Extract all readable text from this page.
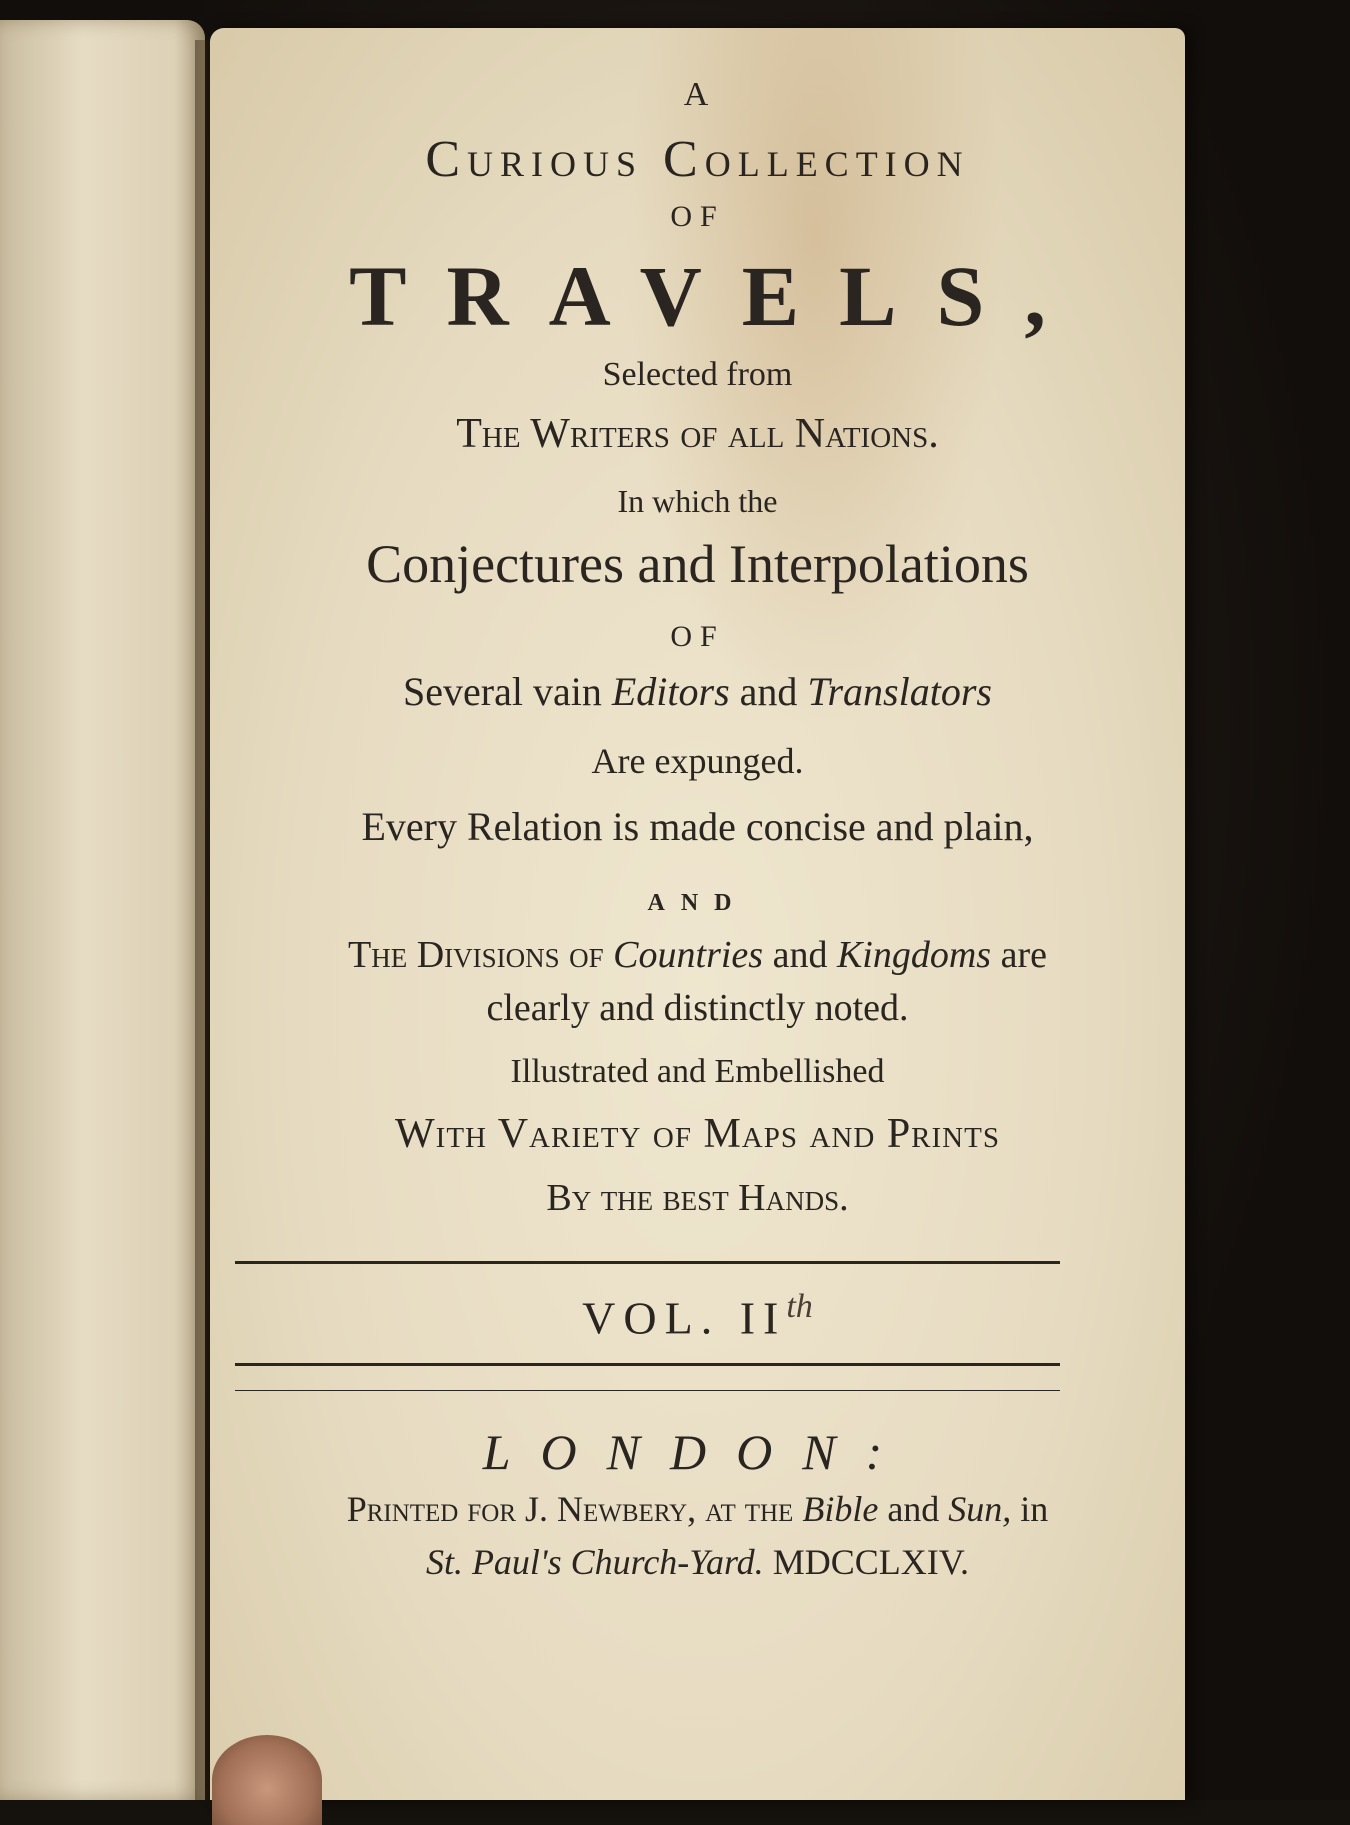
A
Curious Collection
OF
TRAVELS,
Selected from
The Writers of all Nations.
In which the
Conjectures and Interpolations
OF
Several vain Editors and Translators
Are expunged.
Every Relation is made concise and plain,
AND
The Divisions of Countries and Kingdoms are
clearly and distinctly noted.
Illustrated and Embellished
With Variety of Maps and Prints
By the best Hands.
VOL. IIth
LONDON:
Printed for J. Newbery, at the Bible and Sun, in
St. Paul's Church-Yard. MDCCLXIV.
